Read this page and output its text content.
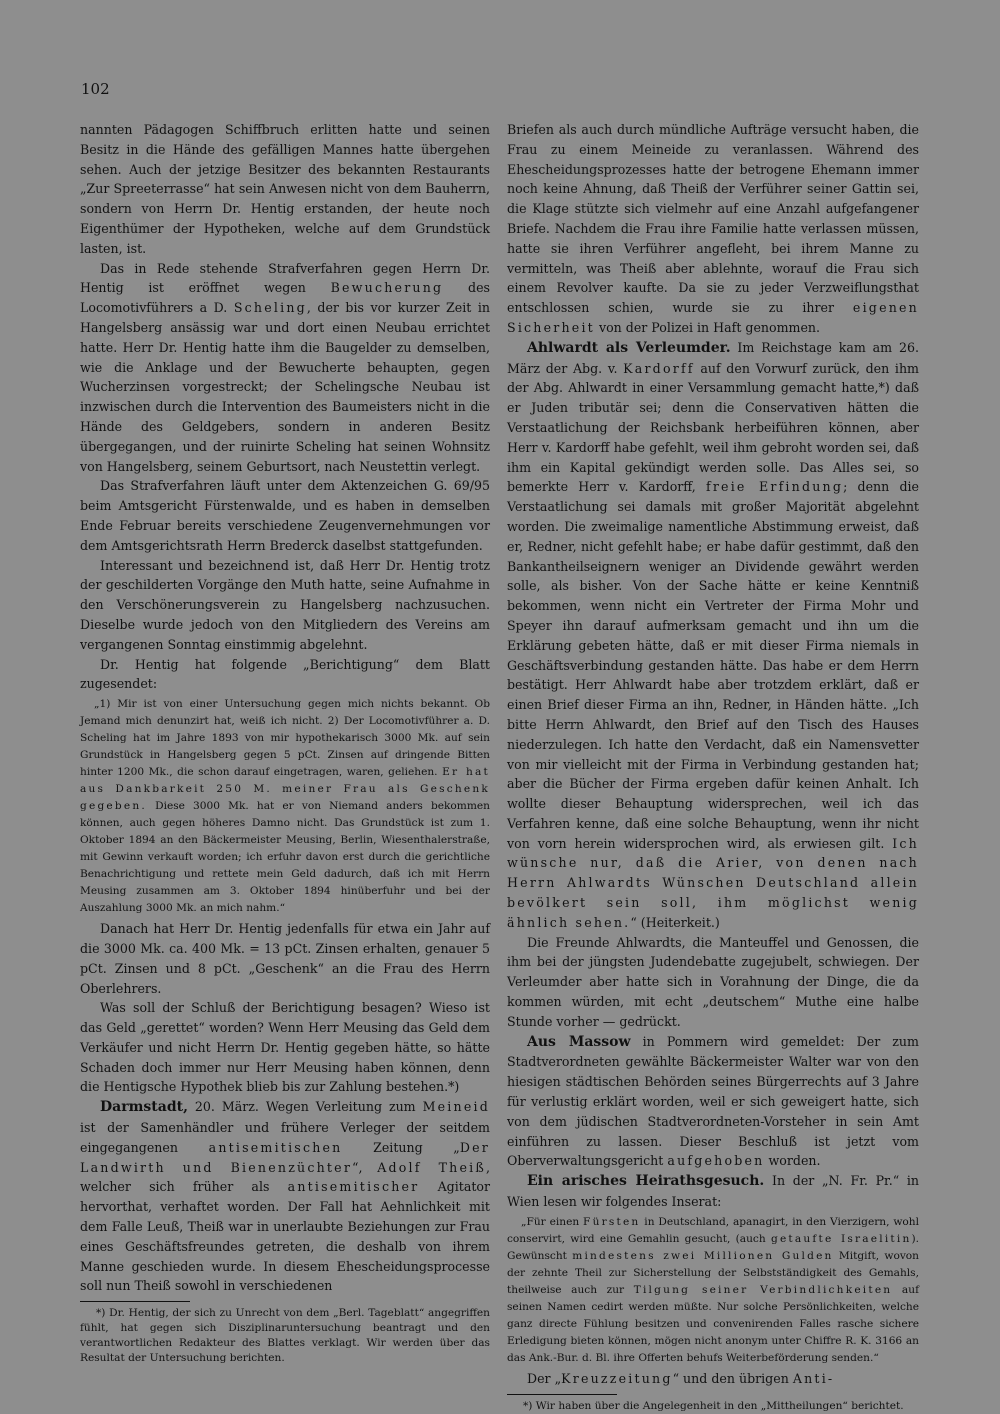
102

nannten Pädagogen Schiffbruch erlitten hatte und seinen Besitz in die Hände des gefälligen Mannes hatte übergehen sehen. Auch der jetzige Besitzer des bekannten Restaurants „Zur Spreeterrasse“ hat sein Anwesen nicht von dem Bauherrn, sondern von Herrn Dr. Hentig erstanden, der heute noch Eigenthümer der Hypotheken, welche auf dem Grundstück lasten, ist.

Das in Rede stehende Strafverfahren gegen Herrn Dr. Hentig ist eröffnet wegen Bewucherung des Locomotivführers a D. Scheling, der bis vor kurzer Zeit in Hangelsberg ansässig war und dort einen Neubau errichtet hatte. Herr Dr. Hentig hatte ihm die Baugelder zu demselben, wie die Anklage und der Bewucherte behaupten, gegen Wucherzinsen vorgestreckt; der Schelingsche Neubau ist inzwischen durch die Intervention des Baumeisters nicht in die Hände des Geldgebers, sondern in anderen Besitz übergegangen, und der ruinirte Scheling hat seinen Wohnsitz von Hangelsberg, seinem Geburtsort, nach Neustettin verlegt.

Das Strafverfahren läuft unter dem Aktenzeichen G. 69/95 beim Amtsgericht Fürstenwalde, und es haben in demselben Ende Februar bereits verschiedene Zeugenvernehmungen vor dem Amtsgerichtsrath Herrn Brederck daselbst stattgefunden.

Interessant und bezeichnend ist, daß Herr Dr. Hentig trotz der geschilderten Vorgänge den Muth hatte, seine Aufnahme in den Verschönerungsverein zu Hangelsberg nachzusuchen. Dieselbe wurde jedoch von den Mitgliedern des Vereins am vergangenen Sonntag einstimmig abgelehnt.

Dr. Hentig hat folgende „Berichtigung“ dem Blatt zugesendet:

„1) Mir ist von einer Untersuchung gegen mich nichts bekannt. Ob Jemand mich denunzirt hat, weiß ich nicht. 2) Der Locomotivführer a. D. Scheling hat im Jahre 1893 von mir hypothekarisch 3000 Mk. auf sein Grundstück in Hangelsberg gegen 5 pCt. Zinsen auf dringende Bitten hinter 1200 Mk., die schon darauf eingetragen, waren, geliehen. Er hat aus Dankbarkeit 250 M. meiner Frau als Geschenk gegeben. Diese 3000 Mk. hat er von Niemand anders bekommen können, auch gegen höheres Damno nicht. Das Grundstück ist zum 1. Oktober 1894 an den Bäckermeister Meusing, Berlin, Wiesenthalerstraße, mit Gewinn verkauft worden; ich erfuhr davon erst durch die gerichtliche Benachrichtigung und rettete mein Geld dadurch, daß ich mit Herrn Meusing zusammen am 3. Oktober 1894 hinüberfuhr und bei der Auszahlung 3000 Mk. an mich nahm.“

Danach hat Herr Dr. Hentig jedenfalls für etwa ein Jahr auf die 3000 Mk. ca. 400 Mk. = 13 pCt. Zinsen erhalten, genauer 5 pCt. Zinsen und 8 pCt. „Geschenk“ an die Frau des Herrn Oberlehrers.

Was soll der Schluß der Berichtigung besagen? Wieso ist das Geld „gerettet“ worden? Wenn Herr Meusing das Geld dem Verkäufer und nicht Herrn Dr. Hentig gegeben hätte, so hätte Schaden doch immer nur Herr Meusing haben können, denn die Hentigsche Hypothek blieb bis zur Zahlung bestehen.*)

Darmstadt, 20. März. Wegen Verleitung zum Meineid ist der Samenhändler und frühere Verleger der seitdem eingegangenen antisemitischen Zeitung „Der Landwirth und Bienenzüchter“, Adolf Theiß, welcher sich früher als antisemitischer Agitator hervorthat, verhaftet worden. Der Fall hat Aehnlichkeit mit dem Falle Leuß, Theiß war in unerlaubte Beziehungen zur Frau eines Geschäftsfreundes getreten, die deshalb von ihrem Manne geschieden wurde. In diesem Ehescheidungsprocesse soll nun Theiß sowohl in verschiedenen

*) Dr. Hentig, der sich zu Unrecht von dem „Berl. Tageblatt“ angegriffen fühlt, hat gegen sich Disziplinaruntersuchung beantragt und den verantwortlichen Redakteur des Blattes verklagt. Wir werden über das Resultat der Untersuchung berichten.

Briefen als auch durch mündliche Aufträge versucht haben, die Frau zu einem Meineide zu veranlassen. Während des Ehescheidungsprozesses hatte der betrogene Ehemann immer noch keine Ahnung, daß Theiß der Verführer seiner Gattin sei, die Klage stützte sich vielmehr auf eine Anzahl aufgefangener Briefe. Nachdem die Frau ihre Familie hatte verlassen müssen, hatte sie ihren Verführer angefleht, bei ihrem Manne zu vermitteln, was Theiß aber ablehnte, worauf die Frau sich einem Revolver kaufte. Da sie zu jeder Verzweiflungsthat entschlossen schien, wurde sie zu ihrer eigenen Sicherheit von der Polizei in Haft genommen.

Ahlwardt als Verleumder. Im Reichstage kam am 26. März der Abg. v. Kardorff auf den Vorwurf zurück, den ihm der Abg. Ahlwardt in einer Versammlung gemacht hatte,*) daß er Juden tributär sei; denn die Conservativen hätten die Verstaatlichung der Reichsbank herbeiführen können, aber Herr v. Kardorff habe gefehlt, weil ihm gebroht worden sei, daß ihm ein Kapital gekündigt werden solle. Das Alles sei, so bemerkte Herr v. Kardorff, freie Erfindung; denn die Verstaatlichung sei damals mit großer Majorität abgelehnt worden. Die zweimalige namentliche Abstimmung erweist, daß er, Redner, nicht gefehlt habe; er habe dafür gestimmt, daß den Bankantheilseignern weniger an Dividende gewährt werden solle, als bisher. Von der Sache hätte er keine Kenntniß bekommen, wenn nicht ein Vertreter der Firma Mohr und Speyer ihn darauf aufmerksam gemacht und ihn um die Erklärung gebeten hätte, daß er mit dieser Firma niemals in Geschäftsverbindung gestanden hätte. Das habe er dem Herrn bestätigt. Herr Ahlwardt habe aber trotzdem erklärt, daß er einen Brief dieser Firma an ihn, Redner, in Händen hätte. „Ich bitte Herrn Ahlwardt, den Brief auf den Tisch des Hauses niederzulegen. Ich hatte den Verdacht, daß ein Namensvetter von mir vielleicht mit der Firma in Verbindung gestanden hat; aber die Bücher der Firma ergeben dafür keinen Anhalt. Ich wollte dieser Behauptung widersprechen, weil ich das Verfahren kenne, daß eine solche Behauptung, wenn ihr nicht von vorn herein widersprochen wird, als erwiesen gilt. Ich wünsche nur, daß die Arier, von denen nach Herrn Ahlwardts Wünschen Deutschland allein bevölkert sein soll, ihm möglichst wenig ähnlich sehen.“ (Heiterkeit.)

Die Freunde Ahlwardts, die Manteuffel und Genossen, die ihm bei der jüngsten Judendebatte zugejubelt, schwiegen. Der Verleumder aber hatte sich in Vorahnung der Dinge, die da kommen würden, mit echt „deutschem“ Muthe eine halbe Stunde vorher — gedrückt.

Aus Massow in Pommern wird gemeldet: Der zum Stadtverordneten gewählte Bäckermeister Walter war von den hiesigen städtischen Behörden seines Bürgerrechts auf 3 Jahre für verlustig erklärt worden, weil er sich geweigert hatte, sich von dem jüdischen Stadtverordneten-Vorsteher in sein Amt einführen zu lassen. Dieser Beschluß ist jetzt vom Oberverwaltungsgericht aufgehoben worden.

Ein arisches Heirathsgesuch. In der „N. Fr. Pr.“ in Wien lesen wir folgendes Inserat:

„Für einen Fürsten in Deutschland, apanagirt, in den Vierzigern, wohl conservirt, wird eine Gemahlin gesucht, (auch getaufte Israelitin). Gewünscht mindestens zwei Millionen Gulden Mitgift, wovon der zehnte Theil zur Sicherstellung der Selbstständigkeit des Gemahls, theilweise auch zur Tilgung seiner Verbindlichkeiten auf seinen Namen cedirt werden müßte. Nur solche Persönlichkeiten, welche ganz directe Fühlung besitzen und convenirenden Falles rasche sichere Erledigung bieten können, mögen nicht anonym unter Chiffre R. K. 3166 an das Ank.-Bur. d. Bl. ihre Offerten behufs Weiterbeförderung senden.“

Der „Kreuzzeitung“ und den übrigen Anti-

*) Wir haben über die Angelegenheit in den „Mittheilungen“ berichtet.
